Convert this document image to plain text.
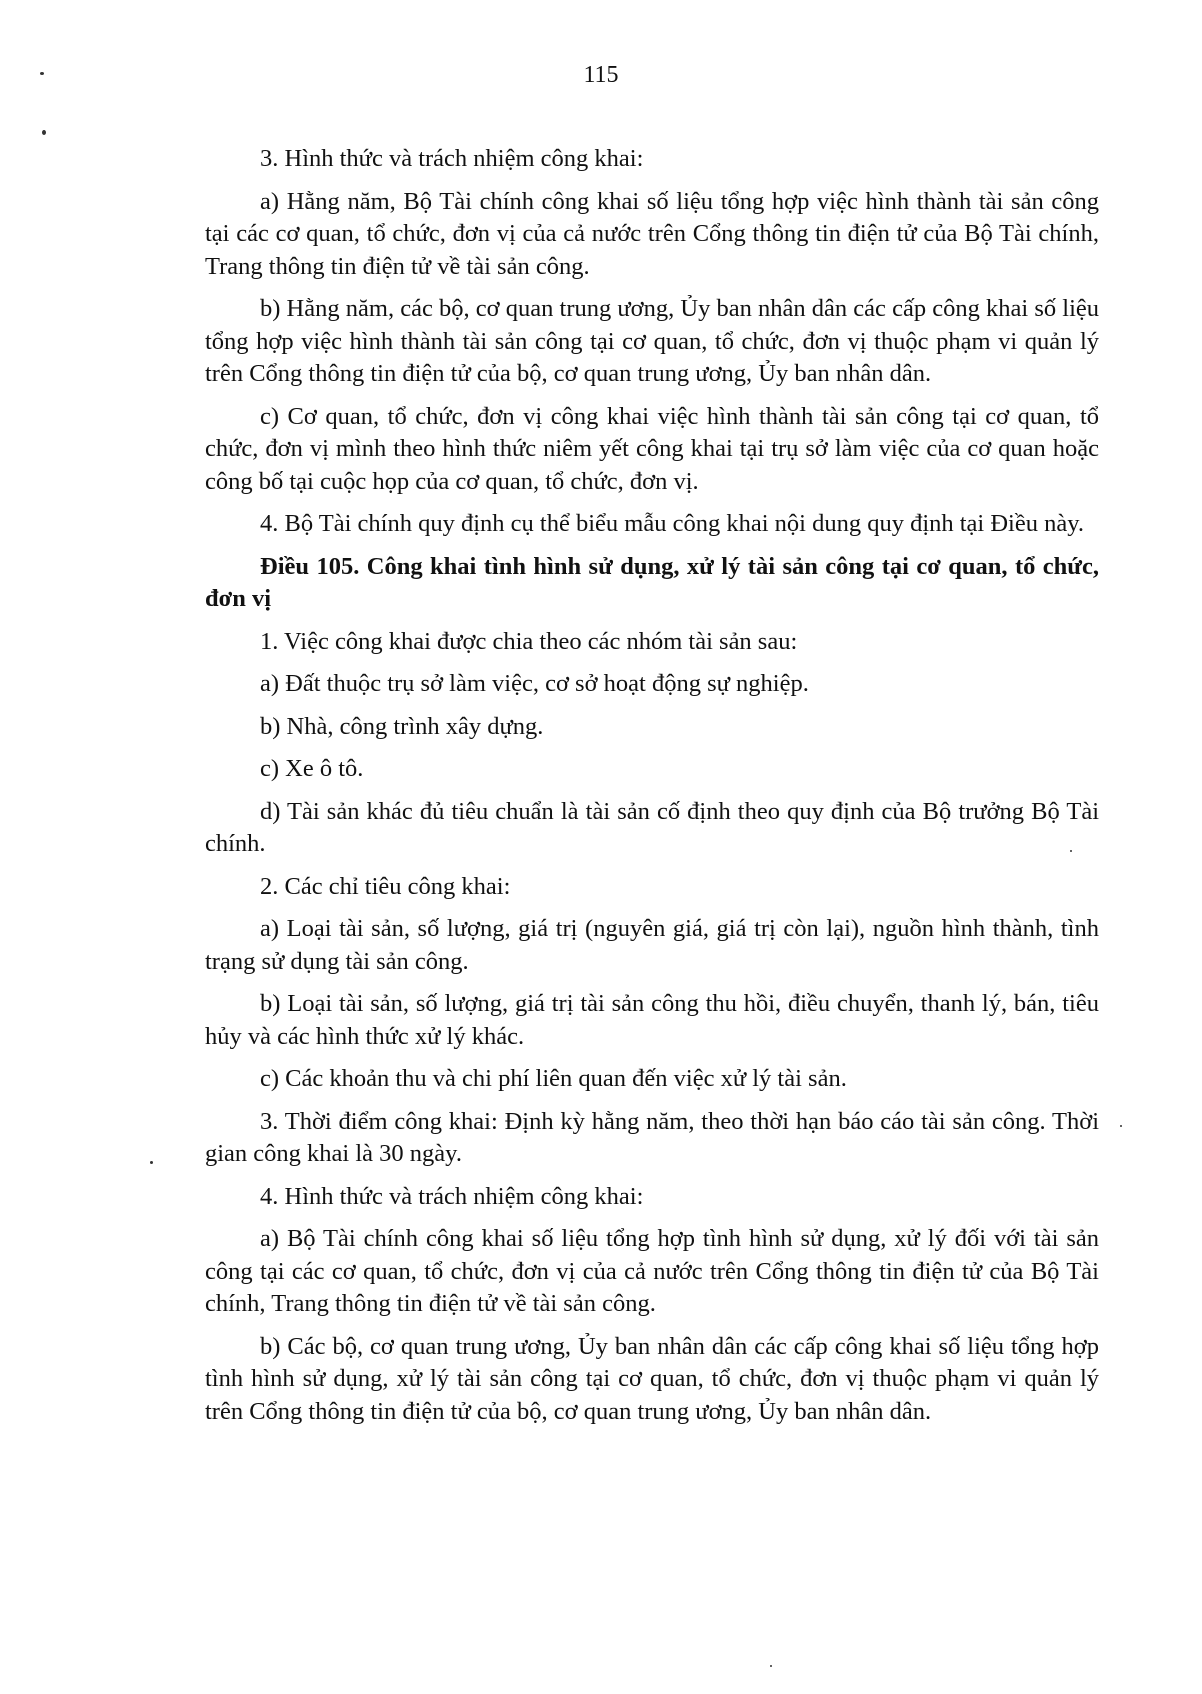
115

3. Hình thức và trách nhiệm công khai:

a) Hằng năm, Bộ Tài chính công khai số liệu tổng hợp việc hình thành tài sản công tại các cơ quan, tổ chức, đơn vị của cả nước trên Cổng thông tin điện tử của Bộ Tài chính, Trang thông tin điện tử về tài sản công.

b) Hằng năm, các bộ, cơ quan trung ương, Ủy ban nhân dân các cấp công khai số liệu tổng hợp việc hình thành tài sản công tại cơ quan, tổ chức, đơn vị thuộc phạm vi quản lý trên Cổng thông tin điện tử của bộ, cơ quan trung ương, Ủy ban nhân dân.

c) Cơ quan, tổ chức, đơn vị công khai việc hình thành tài sản công tại cơ quan, tổ chức, đơn vị mình theo hình thức niêm yết công khai tại trụ sở làm việc của cơ quan hoặc công bố tại cuộc họp của cơ quan, tổ chức, đơn vị.

4. Bộ Tài chính quy định cụ thể biểu mẫu công khai nội dung quy định tại Điều này.

Điều 105. Công khai tình hình sử dụng, xử lý tài sản công tại cơ quan, tổ chức, đơn vị

1. Việc công khai được chia theo các nhóm tài sản sau:

a) Đất thuộc trụ sở làm việc, cơ sở hoạt động sự nghiệp.

b) Nhà, công trình xây dựng.

c) Xe ô tô.

d) Tài sản khác đủ tiêu chuẩn là tài sản cố định theo quy định của Bộ trưởng Bộ Tài chính.

2. Các chỉ tiêu công khai:

a) Loại tài sản, số lượng, giá trị (nguyên giá, giá trị còn lại), nguồn hình thành, tình trạng sử dụng tài sản công.

b) Loại tài sản, số lượng, giá trị tài sản công thu hồi, điều chuyển, thanh lý, bán, tiêu hủy và các hình thức xử lý khác.

c) Các khoản thu và chi phí liên quan đến việc xử lý tài sản.

3. Thời điểm công khai: Định kỳ hằng năm, theo thời hạn báo cáo tài sản công. Thời gian công khai là 30 ngày.

4. Hình thức và trách nhiệm công khai:

a) Bộ Tài chính công khai số liệu tổng hợp tình hình sử dụng, xử lý đối với tài sản công tại các cơ quan, tổ chức, đơn vị của cả nước trên Cổng thông tin điện tử của Bộ Tài chính, Trang thông tin điện tử về tài sản công.

b) Các bộ, cơ quan trung ương, Ủy ban nhân dân các cấp công khai số liệu tổng hợp tình hình sử dụng, xử lý tài sản công tại cơ quan, tổ chức, đơn vị thuộc phạm vi quản lý trên Cổng thông tin điện tử của bộ, cơ quan trung ương, Ủy ban nhân dân.
